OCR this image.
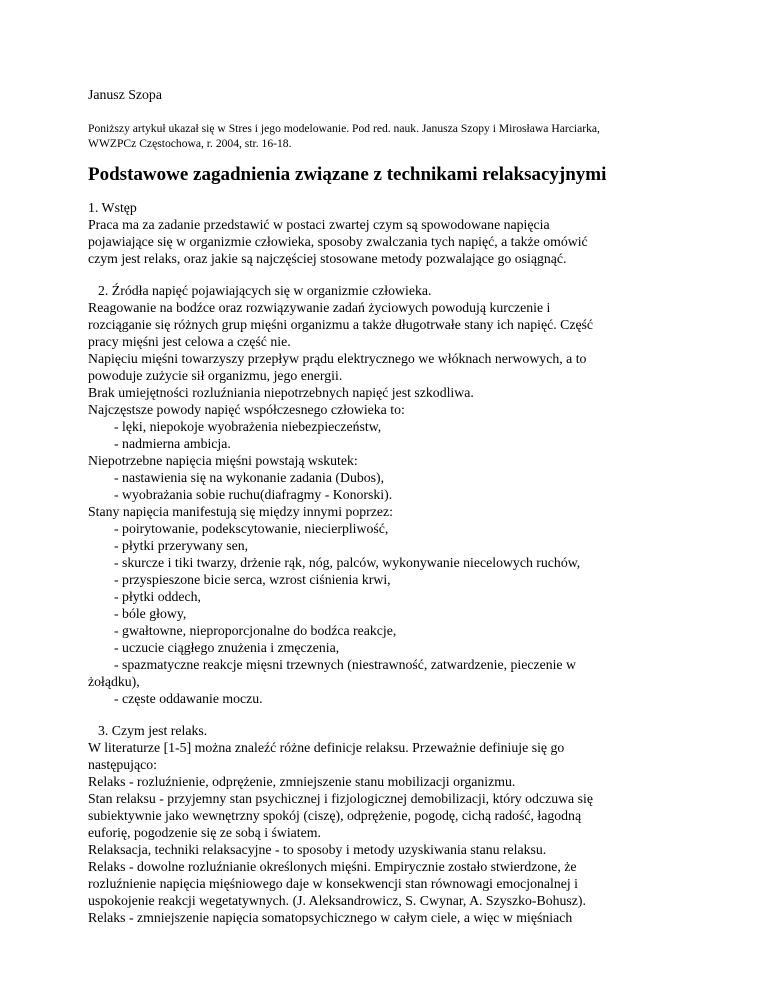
Janusz Szopa
Poniższy artykuł ukazał się w Stres i jego modelowanie. Pod red. nauk. Janusza Szopy i Mirosława Harciarka,
WWZPCz Częstochowa, r. 2004, str. 16-18.
Podstawowe zagadnienia związane z technikami relaksacyjnymi
1. Wstęp
Praca ma za zadanie przedstawić w postaci zwartej czym są spowodowane napięcia
pojawiające się w organizmie człowieka, sposoby zwalczania tych napięć, a także omówić
czym jest relaks, oraz jakie są najczęściej stosowane metody pozwalające go osiągnąć.
2. Źródła napięć pojawiających się w organizmie człowieka.
Reagowanie na bodźce oraz rozwiązywanie zadań życiowych powodują kurczenie i
rozciąganie się różnych grup mięśni organizmu a także długotrwałe stany ich napięć. Część
pracy mięśni jest celowa a część nie.
Napięciu mięśni towarzyszy przepływ prądu elektrycznego we włóknach nerwowych, a to
powoduje zużycie sił organizmu, jego energii.
Brak umiejętności rozluźniania niepotrzebnych napięć jest szkodliwa.
Najczęstsze powody napięć współczesnego człowieka to:
- lęki, niepokoje wyobrażenia niebezpieczeństw,
- nadmierna ambicja.
Niepotrzebne napięcia mięśni powstają wskutek:
- nastawienia się na wykonanie zadania (Dubos),
- wyobrażania sobie ruchu(diafragmy - Konorski).
Stany napięcia manifestują się między innymi poprzez:
- poirytowanie, podekscytowanie, niecierpliwość,
- płytki przerywany sen,
- skurcze i tiki twarzy, drżenie rąk, nóg, palców, wykonywanie niecelowych ruchów,
- przyspieszone bicie serca, wzrost ciśnienia krwi,
- płytki oddech,
- bóle głowy,
- gwałtowne, nieproporcjonalne do bodźca reakcje,
- uczucie ciągłego znużenia i zmęczenia,
- spazmatyczne reakcje mięsni trzewnych (niestrawność, zatwardzenie, pieczenie w
żołądku),
- częste oddawanie moczu.
3. Czym jest relaks.
W literaturze [1-5] można znaleźć różne definicje relaksu. Przeważnie definiuje się go
następująco:
Relaks - rozluźnienie, odprężenie, zmniejszenie stanu mobilizacji organizmu.
Stan relaksu - przyjemny stan psychicznej i fizjologicznej demobilizacji, który odczuwa się
subiektywnie jako wewnętrzny spokój (ciszę), odprężenie, pogodę, cichą radość, łagodną
euforię, pogodzenie się ze sobą i światem.
Relaksacja, techniki relaksacyjne - to sposoby i metody uzyskiwania stanu relaksu.
Relaks - dowolne rozluźnianie określonych mięśni. Empirycznie zostało stwierdzone, że
rozluźnienie napięcia mięśniowego daje w konsekwencji stan równowagi emocjonalnej i
uspokojenie reakcji wegetatywnych. (J. Aleksandrowicz, S. Cwynar, A. Szyszko-Bohusz).
Relaks - zmniejszenie napięcia somatopsychicznego w całym ciele, a więc w mięśniach
